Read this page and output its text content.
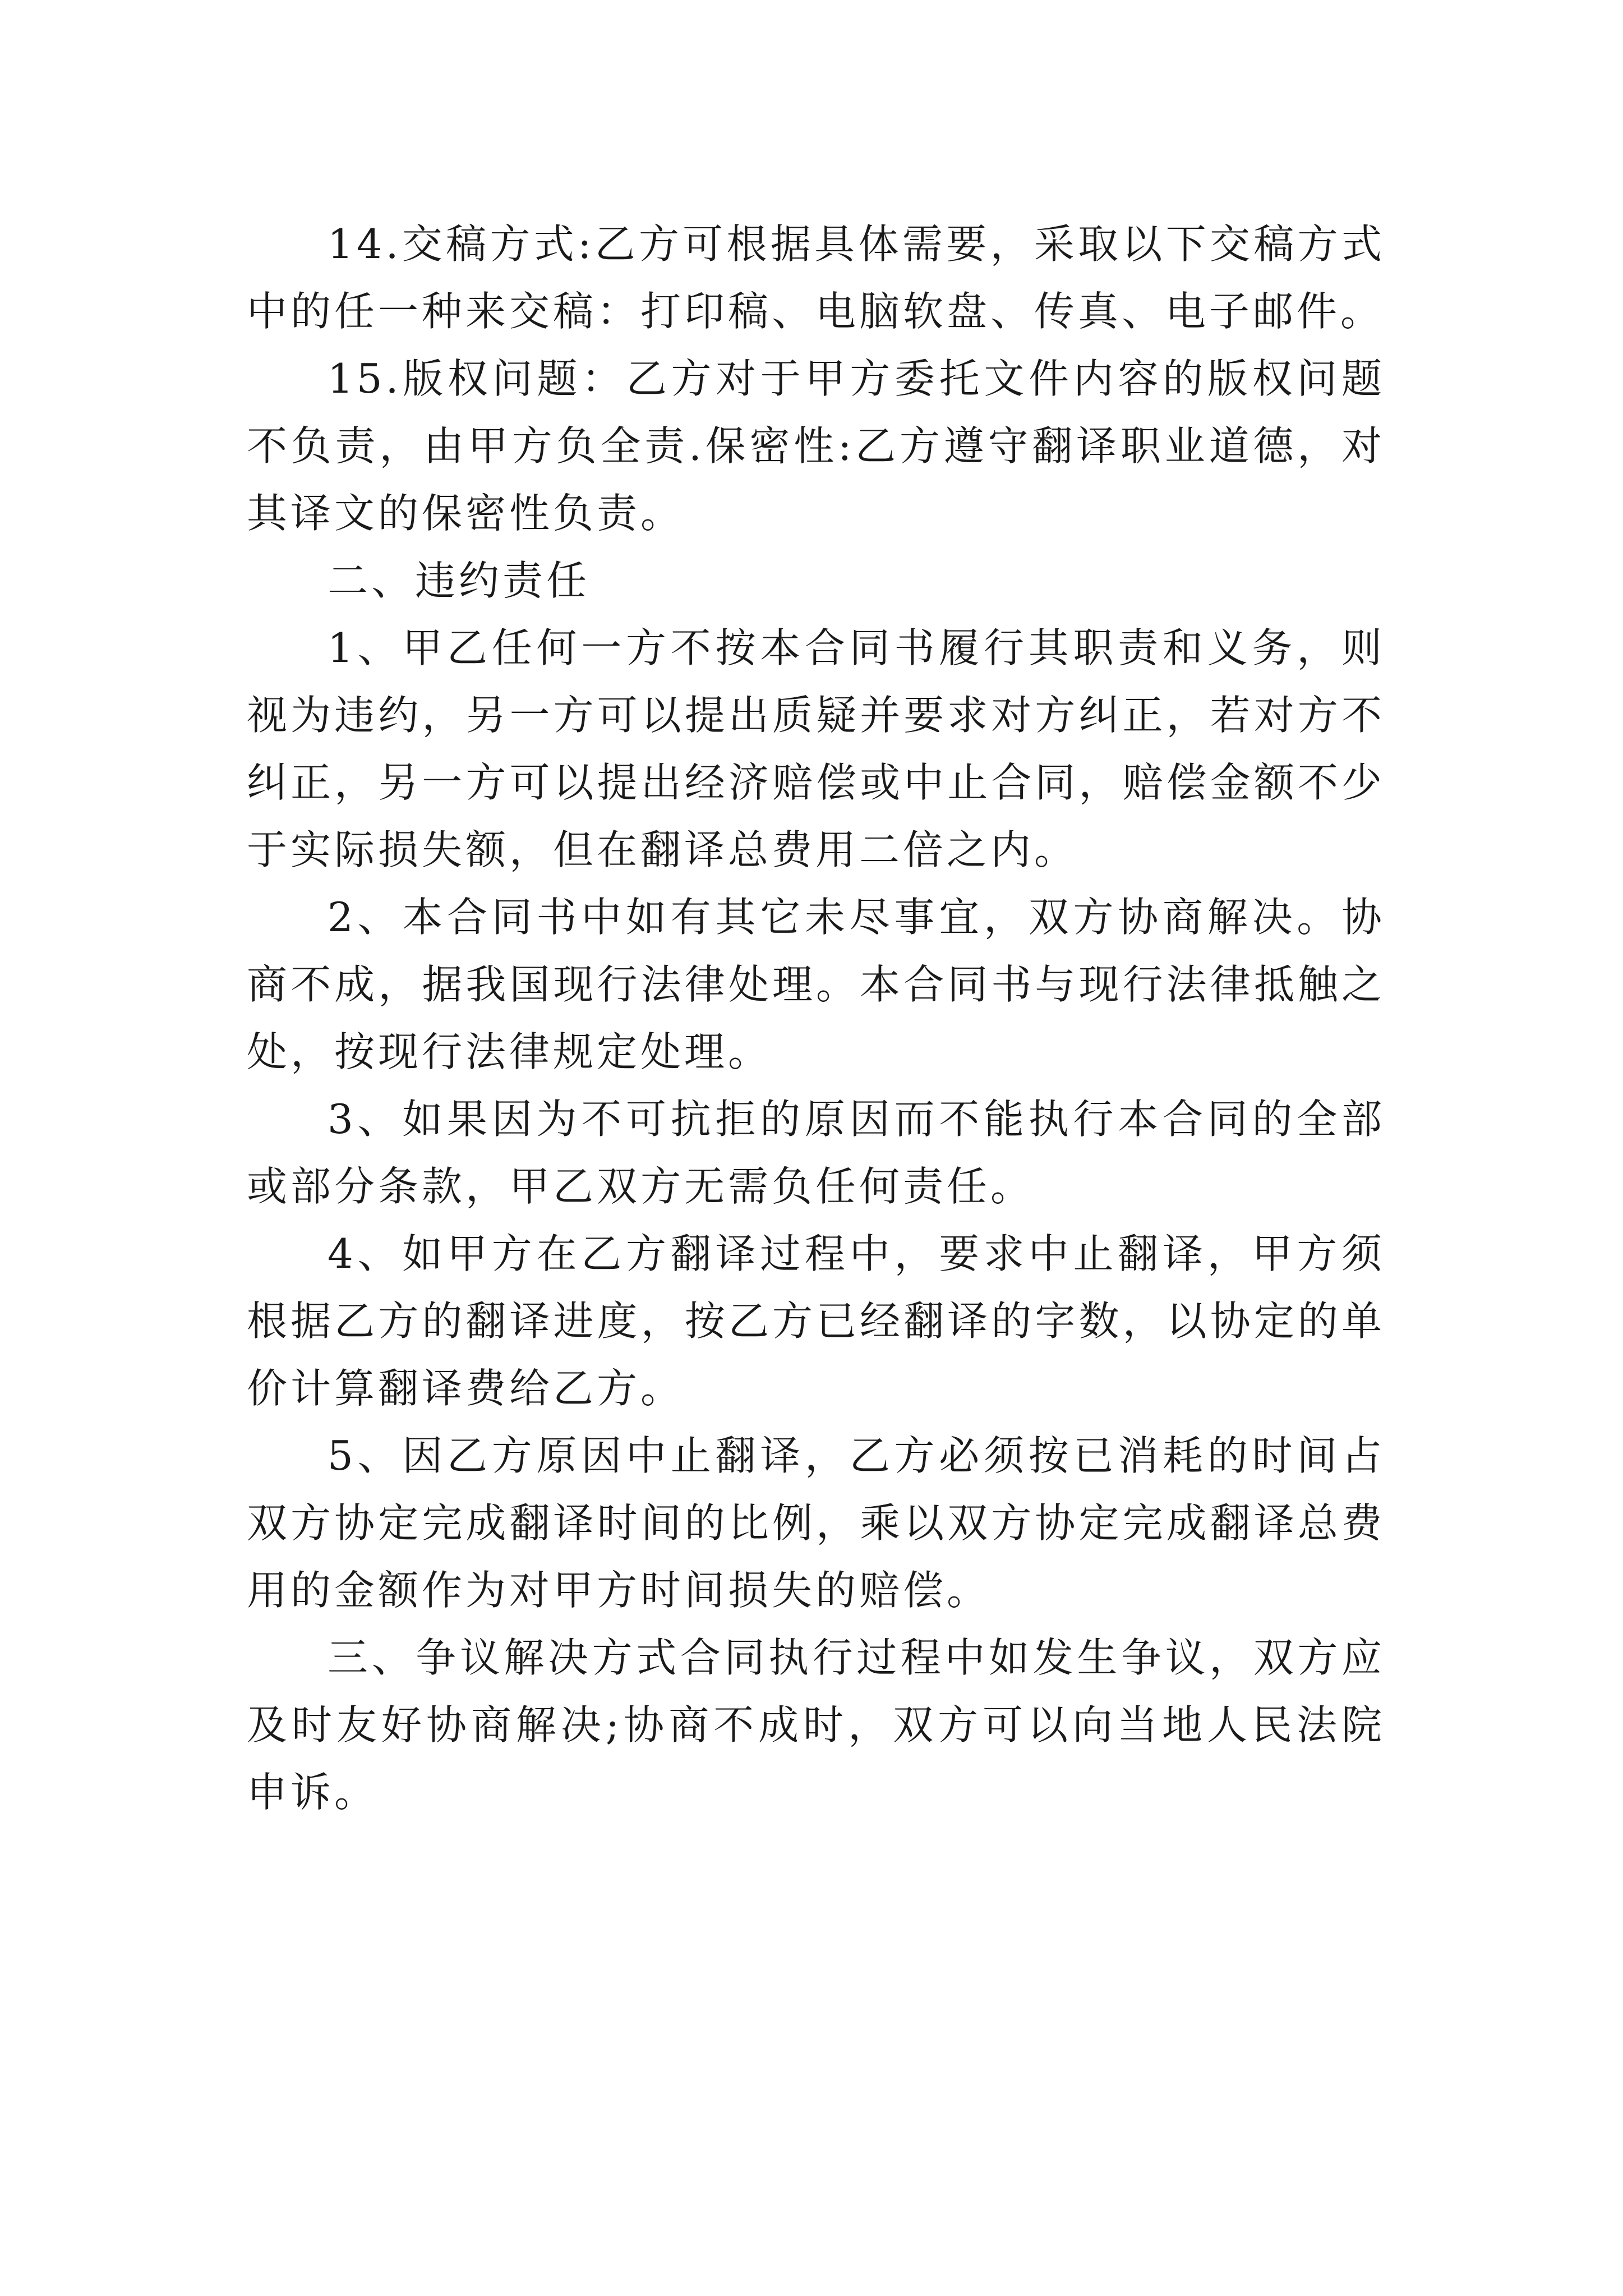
14.交稿方式:乙方可根据具体需要，采取以下交稿方式中的任一种来交稿：打印稿、电脑软盘、传真、电子邮件。

15.版权问题：乙方对于甲方委托文件内容的版权问题不负责，由甲方负全责.保密性:乙方遵守翻译职业道德，对其译文的保密性负责。

二、违约责任

1、甲乙任何一方不按本合同书履行其职责和义务，则视为违约，另一方可以提出质疑并要求对方纠正，若对方不纠正，另一方可以提出经济赔偿或中止合同，赔偿金额不少于实际损失额，但在翻译总费用二倍之内。

2、本合同书中如有其它未尽事宜，双方协商解决。协商不成，据我国现行法律处理。本合同书与现行法律抵触之处，按现行法律规定处理。

3、如果因为不可抗拒的原因而不能执行本合同的全部或部分条款，甲乙双方无需负任何责任。

4、如甲方在乙方翻译过程中，要求中止翻译，甲方须根据乙方的翻译进度，按乙方已经翻译的字数，以协定的单价计算翻译费给乙方。

5、因乙方原因中止翻译，乙方必须按已消耗的时间占双方协定完成翻译时间的比例，乘以双方协定完成翻译总费用的金额作为对甲方时间损失的赔偿。

三、争议解决方式合同执行过程中如发生争议，双方应及时友好协商解决;协商不成时，双方可以向当地人民法院申诉。
